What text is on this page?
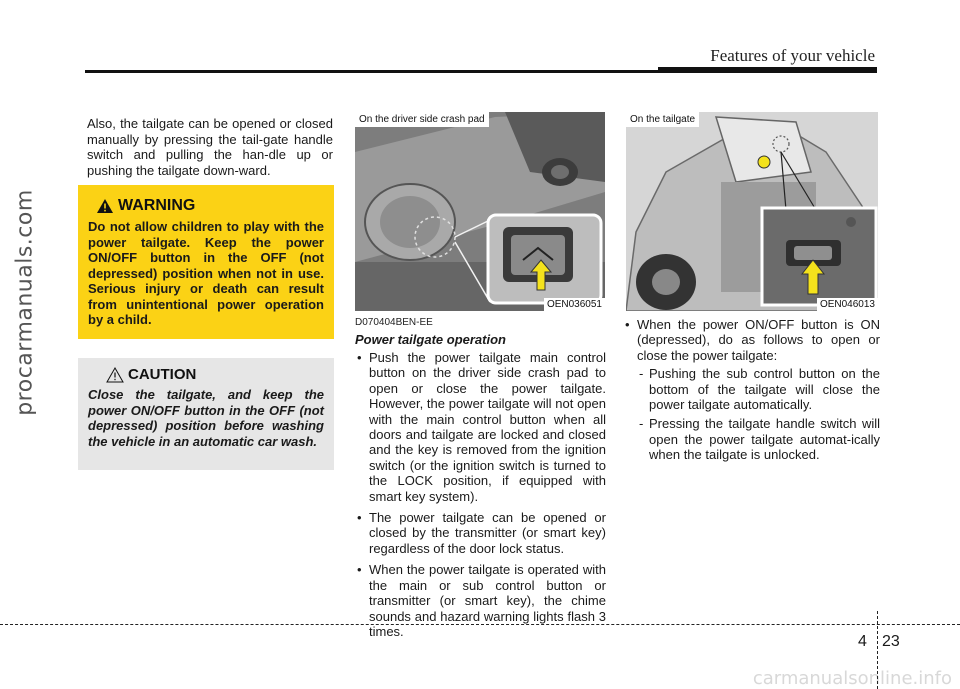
Features of your vehicle
procarmanuals.com
carmanualsonline.info

Also, the tailgate can be opened or closed manually by pressing the tail-gate handle switch and pulling the han-dle up or pushing the tailgate down-ward.

WARNING

Do not allow children to play with the power tailgate. Keep the power ON/OFF button in the OFF (not depressed) position when not in use. Serious injury or death can result from unintentional power operation by a child.

CAUTION

Close the tailgate, and keep the power ON/OFF button in the OFF (not depressed) position before washing the vehicle in an automatic car wash.

On the driver side crash pad
OEN036051
On the tailgate
OEN046013
D070404BEN-EE
Power tailgate operation
• Push the power tailgate main control button on the driver side crash pad to open or close the power tailgate. However, the power tailgate will not open with the main control button when all doors and tailgate are locked and closed and the key is removed from the ignition switch (or the ignition switch is turned to the LOCK position, if equipped with smart key system).
• The power tailgate can be opened or closed by the transmitter (or smart key) regardless of the door lock status.
• When the power tailgate is operated with the main or sub control button or transmitter (or smart key), the chime sounds and hazard warning lights flash 3 times.
• When the power ON/OFF button is ON (depressed), do as follows to open or close the power tailgate:
- Pushing the sub control button on the bottom of the tailgate will close the power tailgate automatically.
- Pressing the tailgate handle switch will open the power tailgate automat-ically when the tailgate is unlocked.
4 23
